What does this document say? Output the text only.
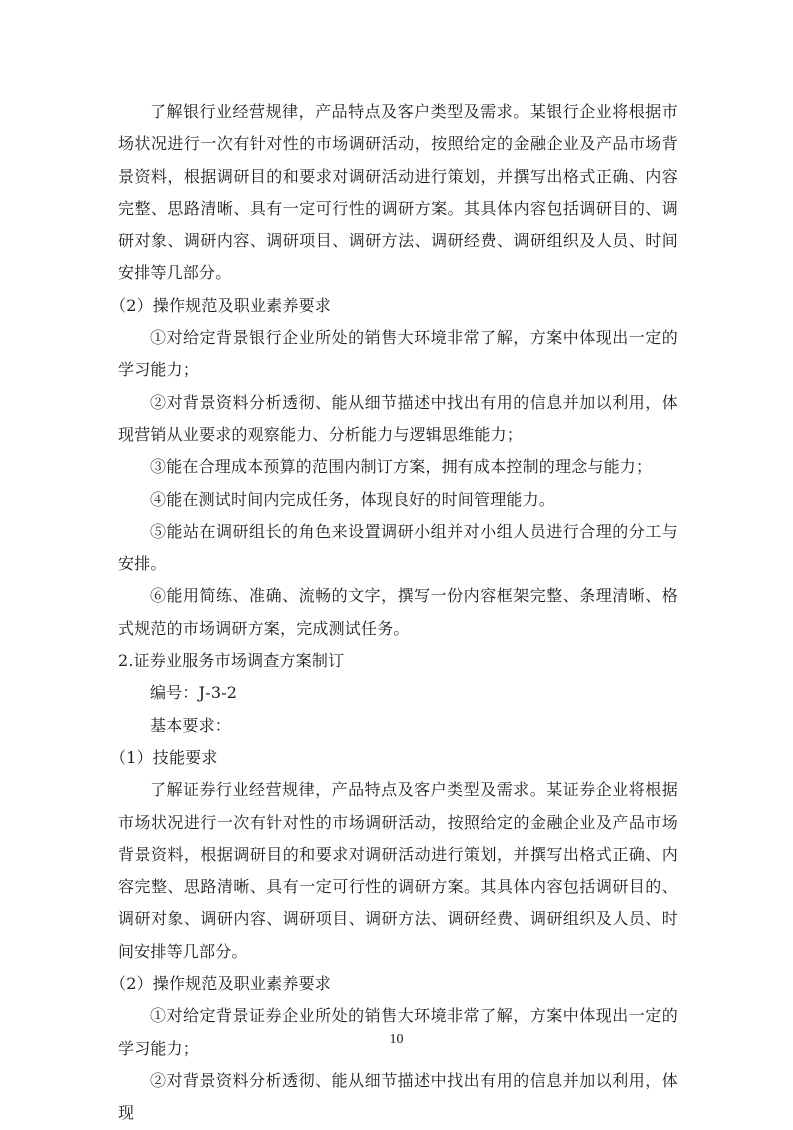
了解银行业经营规律，产品特点及客户类型及需求。某银行企业将根据市场状况进行一次有针对性的市场调研活动，按照给定的金融企业及产品市场背景资料，根据调研目的和要求对调研活动进行策划，并撰写出格式正确、内容完整、思路清晰、具有一定可行性的调研方案。其具体内容包括调研目的、调研对象、调研内容、调研项目、调研方法、调研经费、调研组织及人员、时间安排等几部分。

（2）操作规范及职业素养要求

①对给定背景银行企业所处的销售大环境非常了解，方案中体现出一定的学习能力；

②对背景资料分析透彻、能从细节描述中找出有用的信息并加以利用，体现营销从业要求的观察能力、分析能力与逻辑思维能力；

③能在合理成本预算的范围内制订方案，拥有成本控制的理念与能力；

④能在测试时间内完成任务，体现良好的时间管理能力。

⑤能站在调研组长的角色来设置调研小组并对小组人员进行合理的分工与安排。

⑥能用简练、准确、流畅的文字，撰写一份内容框架完整、条理清晰、格式规范的市场调研方案，完成测试任务。

2.证券业服务市场调查方案制订

编号：J-3-2

基本要求：

（1）技能要求

了解证券行业经营规律，产品特点及客户类型及需求。某证券企业将根据市场状况进行一次有针对性的市场调研活动，按照给定的金融企业及产品市场背景资料，根据调研目的和要求对调研活动进行策划，并撰写出格式正确、内容完整、思路清晰、具有一定可行性的调研方案。其具体内容包括调研目的、调研对象、调研内容、调研项目、调研方法、调研经费、调研组织及人员、时间安排等几部分。

（2）操作规范及职业素养要求

①对给定背景证券企业所处的销售大环境非常了解，方案中体现出一定的学习能力；

②对背景资料分析透彻、能从细节描述中找出有用的信息并加以利用，体现

10
